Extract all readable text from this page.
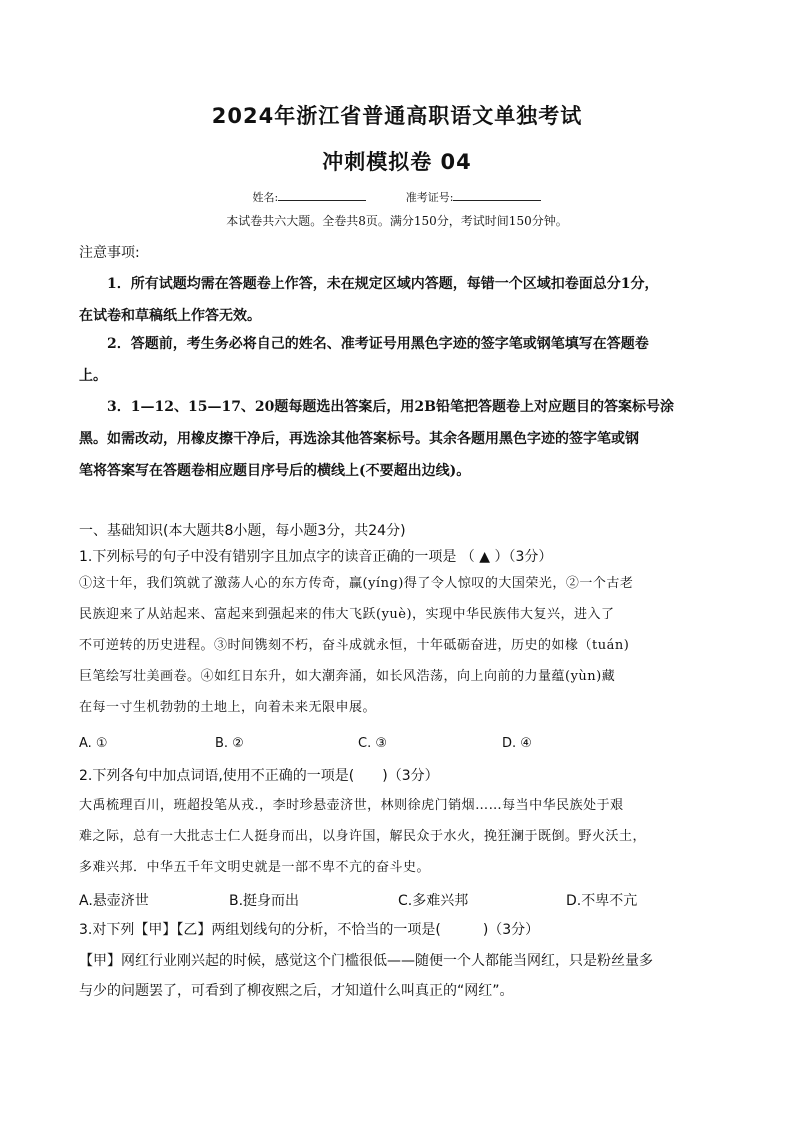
2024年浙江省普通高职语文单独考试
冲刺模拟卷 04
姓名:	准考证号:
本试卷共六大题。全卷共8页。满分150分，考试时间150分钟。
注意事项:
1．所有试题均需在答题卷上作答，未在规定区域内答题，每错一个区域扣卷面总分1分，
在试卷和草稿纸上作答无效。
2．答题前，考生务必将自己的姓名、准考证号用黑色字迹的签字笔或钢笔填写在答题卷
上。
3．1—12、15—17、20题每题选出答案后，用2B铅笔把答题卷上对应题目的答案标号涂
黑。如需改动，用橡皮擦干净后，再选涂其他答案标号。其余各题用黑色字迹的签字笔或钢
笔将答案写在答题卷相应题目序号后的横线上(不要超出边线)。
一、基础知识(本大题共8小题，每小题3分，共24分)
1.下列标号的句子中没有错别字且加点字的读音正确的一项是 （ ▲ ）（3分）
①这十年，我们筑就了激荡人心的东方传奇，赢(yíng)得了令人惊叹的大国荣光，②一个古老
民族迎来了从站起来、富起来到强起来的伟大飞跃(yuè)，实现中华民族伟大复兴，进入了
不可逆转的历史进程。③时间镌刻不朽，奋斗成就永恒，十年砥砺奋进，历史的如椽（tuán)
巨笔绘写壮美画卷。④如红日东升，如大潮奔涌，如长风浩荡，向上向前的力量蕴(yùn)藏
在每一寸生机勃勃的土地上，向着未来无限申展。
A. ①	B. ②	C. ③	D. ④
2.下列各句中加点词语,使用不正确的一项是(　　)（3分）
大禹梳理百川，班超投笔从戎.，李时珍悬壶济世，林则徐虎门销烟……每当中华民族处于艰
难之际，总有一大批志士仁人挺身而出，以身许国，解民众于水火，挽狂澜于既倒。野火沃土，
多难兴邦．中华五千年文明史就是一部不卑不亢的奋斗史。
A.悬壶济世	B.挺身而出	C.多难兴邦	D.不卑不亢
3.对下列【甲】【乙】两组划线句的分析，不恰当的一项是(　　　)（3分）
【甲】网红行业刚兴起的时候，感觉这个门槛很低——随便一个人都能当网红，只是粉丝量多
与少的问题罢了，可看到了柳夜熙之后，才知道什么叫真正的“网红”。
